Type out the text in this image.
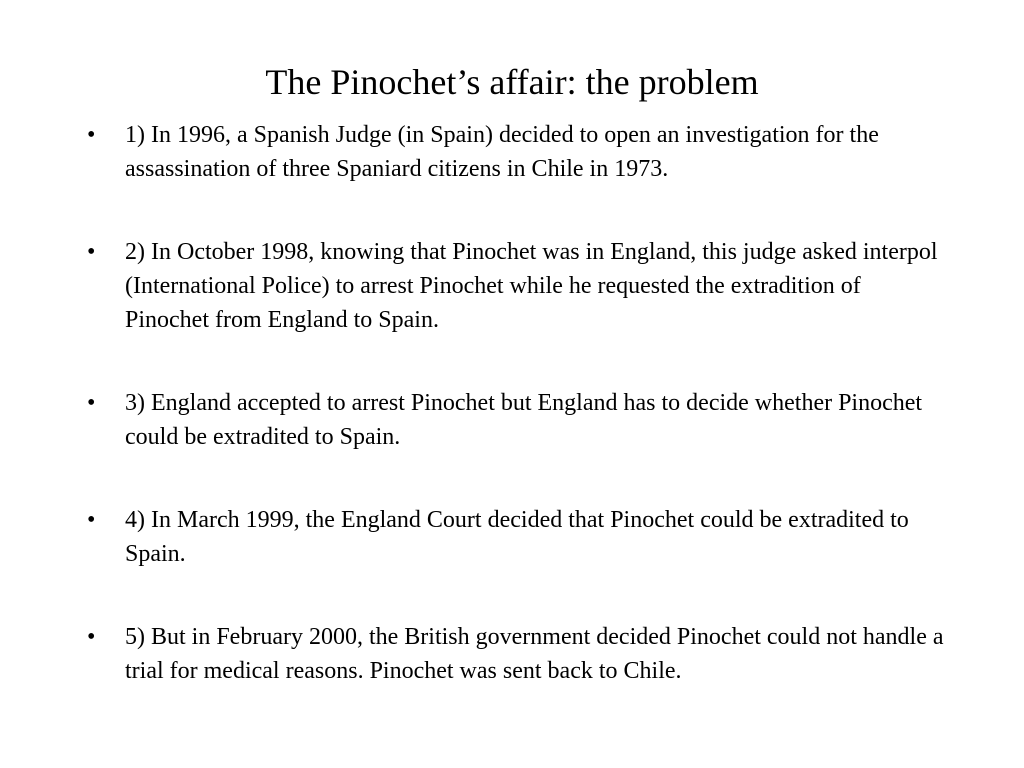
The Pinochet’s affair: the problem
•	1) In 1996, a Spanish Judge (in Spain) decided to open an investigation for the assassination of three Spaniard citizens in Chile in 1973.
•	2) In October 1998, knowing that Pinochet was in England, this judge asked interpol (International Police) to arrest Pinochet while he requested the extradition of Pinochet from England to Spain.
•	3) England accepted to arrest Pinochet but England has to decide whether Pinochet could be extradited to Spain.
•	4) In March 1999, the England Court decided that Pinochet could be extradited to Spain.
•	5) But in February 2000, the British government decided Pinochet could not handle a trial for medical reasons. Pinochet was sent back to Chile.
